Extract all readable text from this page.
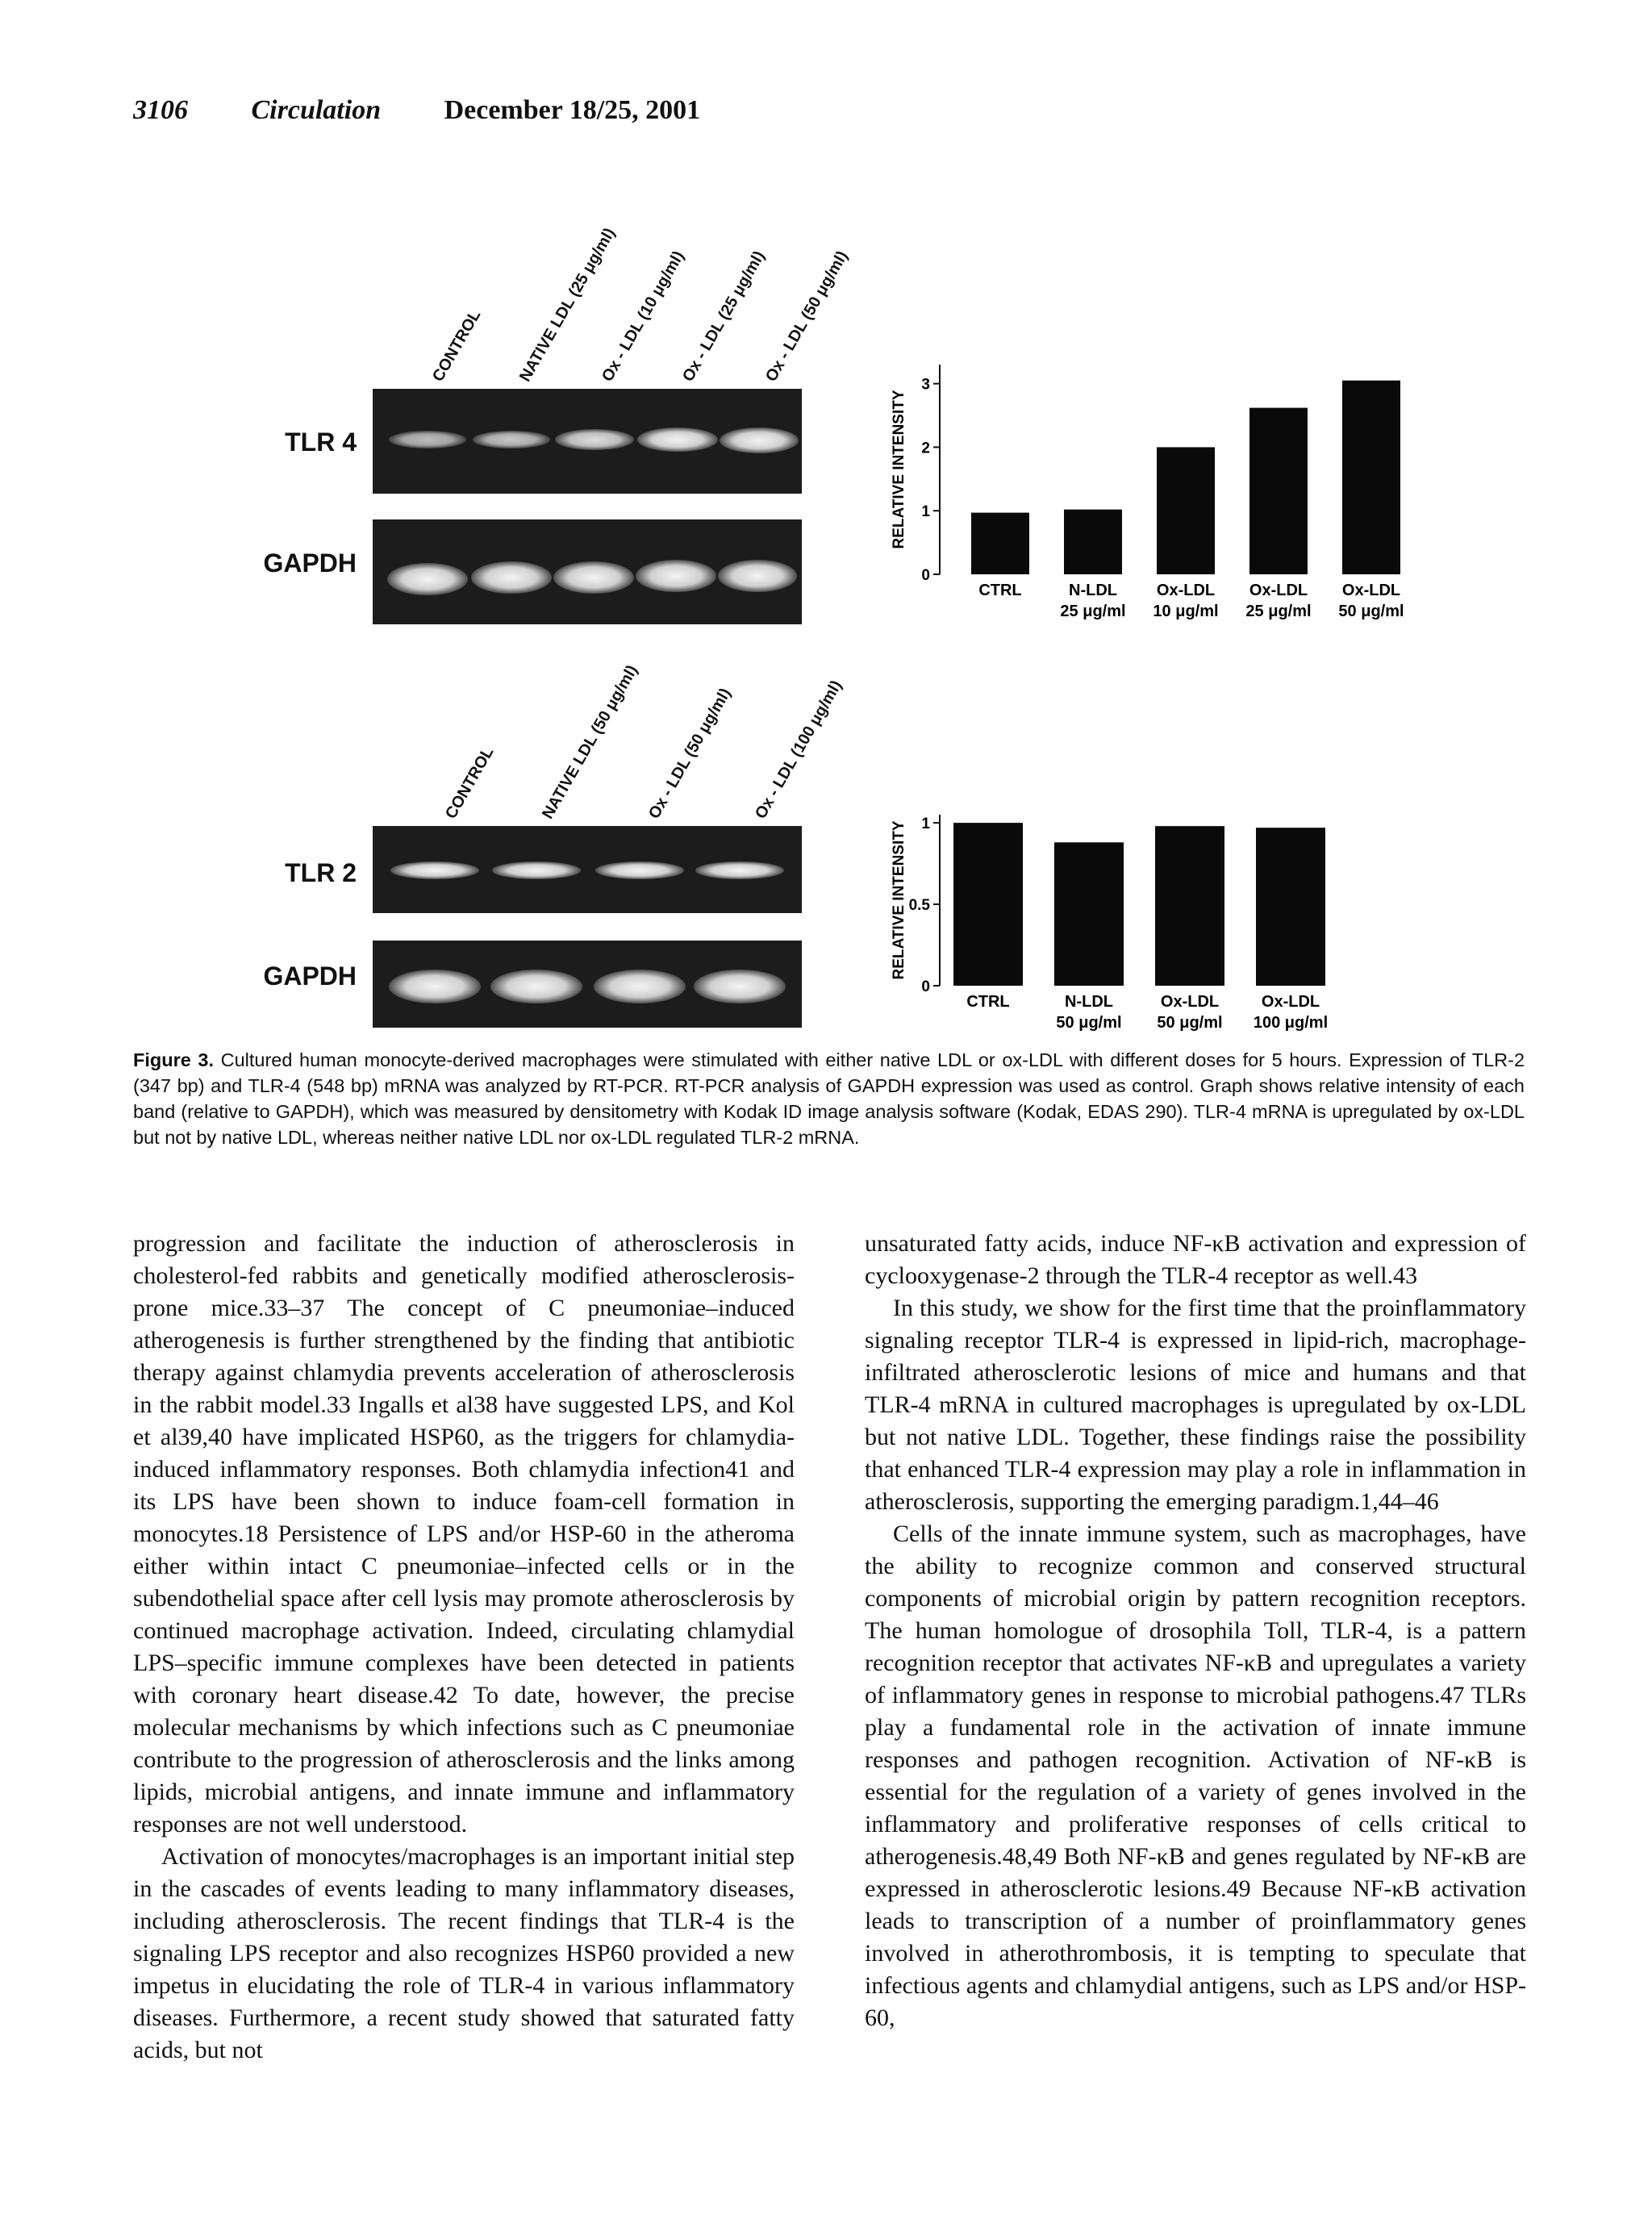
3106 Circulation December 18/25, 2001
CONTROL NATIVE LDL (25 μg/ml)
Ox - LDL (10 μg/ml)
Ox - LDL (25 μg/ml)
Ox - LDL (50 μg/ml)
TLR 4
GAPDH
RELATIVE INTENSITY
0
1
2
3
CTRL	N-LDL
25 μg/ml
Ox-LDL
10 μg/ml
Ox-LDL
25 μg/ml
Ox-LDL
50 μg/ml
CONTROL	NATIVE LDL (50 μg/ml) Ox - LDL (50 μg/ml) Ox - LDL (100 μg/ml)
TLR 2
GAPDH	RELATIVE INTENSITY
0
0.5
1
CTRL	N-LDL
50 μg/ml
Ox-LDL
50 μg/ml
Ox-LDL
100 μg/ml
Figure 3. Cultured human monocyte-derived macrophages were stimulated with either native LDL or ox-LDL with different doses for 5 hours. Expression of TLR-2 (347 bp) and TLR-4 (548 bp) mRNA was analyzed by RT-PCR. RT-PCR analysis of GAPDH expression was used as control. Graph shows relative intensity of each band (relative to GAPDH), which was measured by densitometry with Kodak ID image analysis software (Kodak, EDAS 290). TLR-4 mRNA is upregulated by ox-LDL but not by native LDL, whereas neither native LDL nor ox-LDL regulated TLR-2 mRNA.

progression and facilitate the induction of atherosclerosis in cholesterol-fed rabbits and genetically modified atherosclerosis-prone mice.33–37 The concept of C pneumoniae–induced atherogenesis is further strengthened by the finding that antibiotic therapy against chlamydia prevents acceleration of atherosclerosis in the rabbit model.33 Ingalls et al38 have suggested LPS, and Kol et al39,40 have implicated HSP60, as the triggers for chlamydia-induced inflammatory responses. Both chlamydia infection41 and its LPS have been shown to induce foam-cell formation in monocytes.18 Persistence of LPS and/or HSP-60 in the atheroma either within intact C pneumoniae–infected cells or in the subendothelial space after cell lysis may promote atherosclerosis by continued macrophage activation. Indeed, circulating chlamydial LPS–specific immune complexes have been detected in patients with coronary heart disease.42 To date, however, the precise molecular mechanisms by which infections such as C pneumoniae contribute to the progression of atherosclerosis and the links among lipids, microbial antigens, and innate immune and inflammatory responses are not well understood.

Activation of monocytes/macrophages is an important initial step in the cascades of events leading to many inflammatory diseases, including atherosclerosis. The recent findings that TLR-4 is the signaling LPS receptor and also recognizes HSP60 provided a new impetus in elucidating the role of TLR-4 in various inflammatory diseases. Furthermore, a recent study showed that saturated fatty acids, but not

unsaturated fatty acids, induce NF-κB activation and expression of cyclooxygenase-2 through the TLR-4 receptor as well.43

In this study, we show for the first time that the proinflammatory signaling receptor TLR-4 is expressed in lipid-rich, macrophage-infiltrated atherosclerotic lesions of mice and humans and that TLR-4 mRNA in cultured macrophages is upregulated by ox-LDL but not native LDL. Together, these findings raise the possibility that enhanced TLR-4 expression may play a role in inflammation in atherosclerosis, supporting the emerging paradigm.1,44–46

Cells of the innate immune system, such as macrophages, have the ability to recognize common and conserved structural components of microbial origin by pattern recognition receptors. The human homologue of drosophila Toll, TLR-4, is a pattern recognition receptor that activates NF-κB and upregulates a variety of inflammatory genes in response to microbial pathogens.47 TLRs play a fundamental role in the activation of innate immune responses and pathogen recognition. Activation of NF-κB is essential for the regulation of a variety of genes involved in the inflammatory and proliferative responses of cells critical to atherogenesis.48,49 Both NF-κB and genes regulated by NF-κB are expressed in atherosclerotic lesions.49 Because NF-κB activation leads to transcription of a number of proinflammatory genes involved in atherothrombosis, it is tempting to speculate that infectious agents and chlamydial antigens, such as LPS and/or HSP-60,
